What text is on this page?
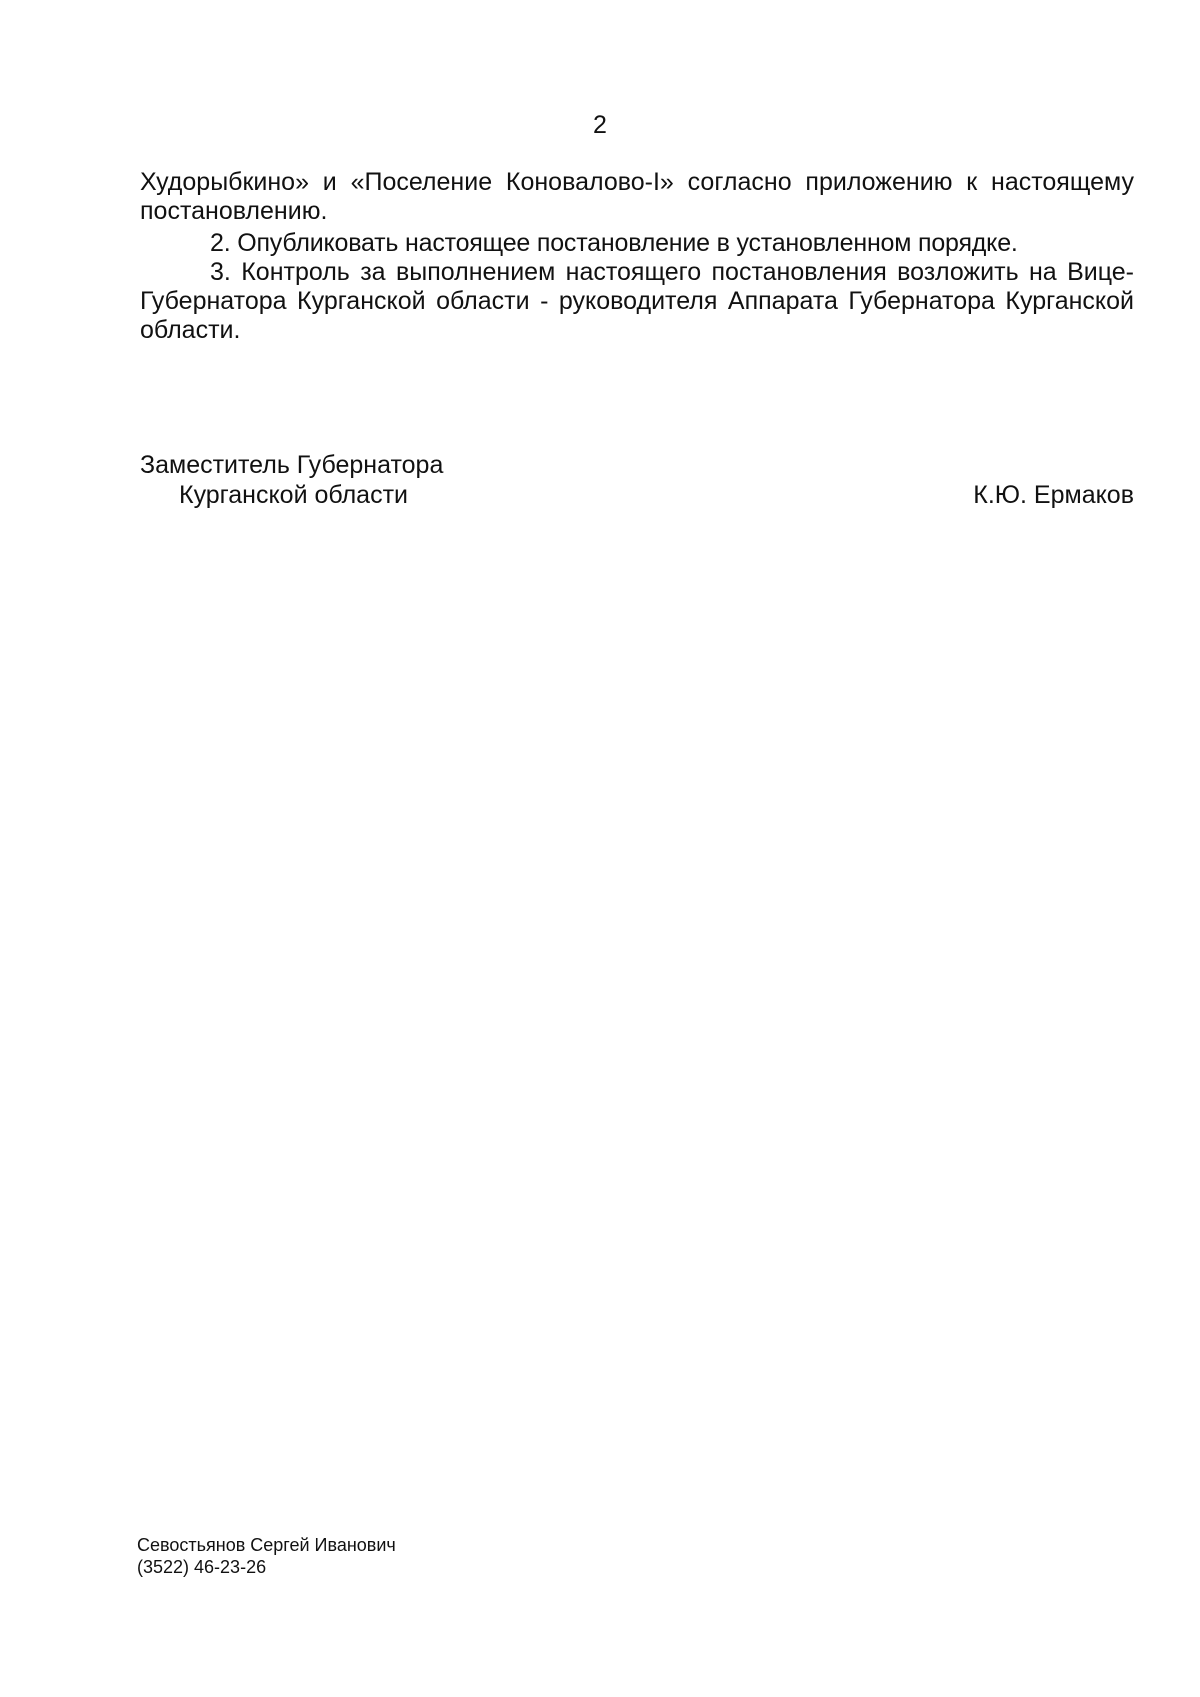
2

Худорыбкино» и «Поселение Коновалово-I» согласно приложению к настоящему постановлению.

2. Опубликовать настоящее постановление в установленном порядке.

3. Контроль за выполнением настоящего постановления возложить на Вице-Губернатора Курганской области - руководителя Аппарата Губернатора Курганской области.

Заместитель Губернатора
Курганской области	К.Ю. Ермаков
Севостьянов Сергей Иванович
(3522) 46-23-26
